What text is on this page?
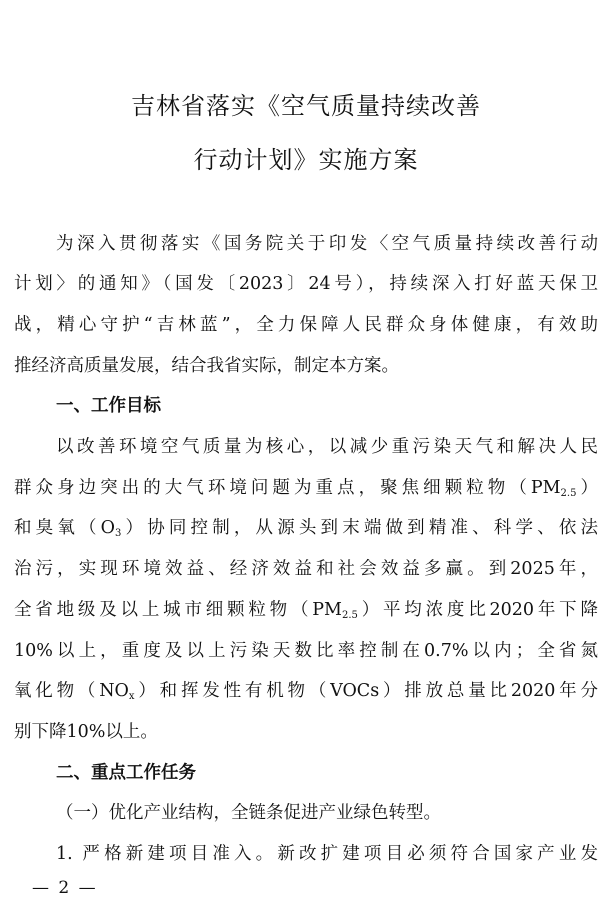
吉林省落实《空气质量持续改善
行动计划》实施方案
为深入贯彻落实《国务院关于印发〈空气质量持续改善行动
计划〉的通知》（国发〔2023〕24号），持续深入打好蓝天保卫
战，精心守护“吉林蓝”，全力保障人民群众身体健康，有效助
推经济高质量发展，结合我省实际，制定本方案。
一、工作目标
以改善环境空气质量为核心，以减少重污染天气和解决人民
群众身边突出的大气环境问题为重点，聚焦细颗粒物$(PM_{2.5})$
和臭氧$(O_3)$协同控制，从源头到末端做到精准、科学、依法
治污，实现环境效益、经济效益和社会效益多赢。到2025年，
全省地级及以上城市细颗粒物$(PM_{2.5})$平均浓度比2020年下降
10%以上，重度及以上污染天数比率控制在0.7%以内；全省氮
氧化物$(NO_x)$和挥发性有机物（VOCs）排放总量比2020年分
别下降10%以上。
二、重点工作任务
（一）优化产业结构，全链条促进产业绿色转型。
1. 严格新建项目准入。新改扩建项目必须符合国家产业发
— 2 —
